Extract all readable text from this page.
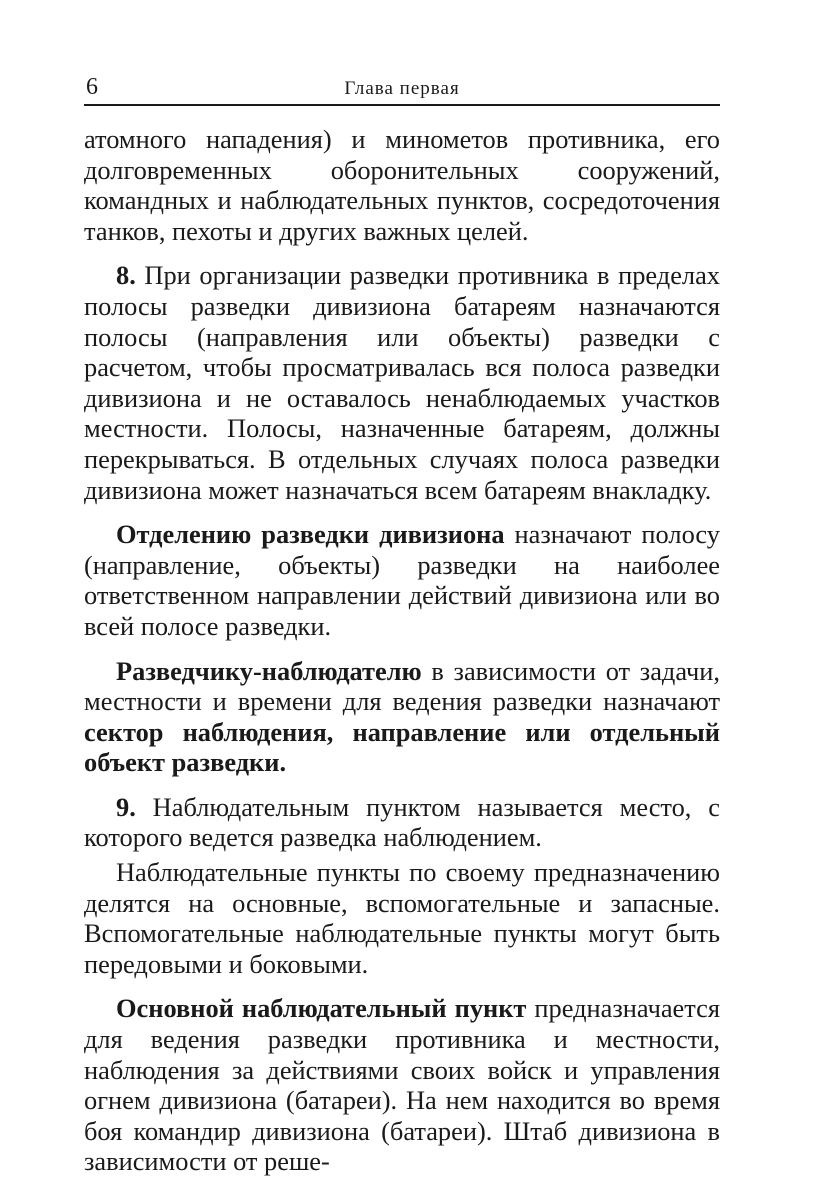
6	Глава первая

атомного нападения) и минометов противника, его долговременных оборонительных сооружений, командных и наблюдательных пунктов, сосредоточения танков, пехоты и других важных целей.

8. При организации разведки противника в пределах полосы разведки дивизиона батареям назначаются полосы (направления или объекты) разведки с расчетом, чтобы просматривалась вся полоса разведки дивизиона и не оставалось ненаблюдаемых участков местности. Полосы, назначенные батареям, должны перекрываться. В отдельных случаях полоса разведки дивизиона может назначаться всем батареям внакладку.

Отделению разведки дивизиона назначают полосу (направление, объекты) разведки на наиболее ответственном направлении действий дивизиона или во всей полосе разведки.

Разведчику-наблюдателю в зависимости от задачи, местности и времени для ведения разведки назначают сектор наблюдения, направление или отдельный объект разведки.

9. Наблюдательным пунктом называется место, с которого ведется разведка наблюдением.

Наблюдательные пункты по своему предназначению делятся на основные, вспомогательные и запасные. Вспомогательные наблюдательные пункты могут быть передовыми и боковыми.

Основной наблюдательный пункт предназначается для ведения разведки противника и местности, наблюдения за действиями своих войск и управления огнем дивизиона (батареи). На нем находится во время боя командир дивизиона (батареи). Штаб дивизиона в зависимости от реше-
